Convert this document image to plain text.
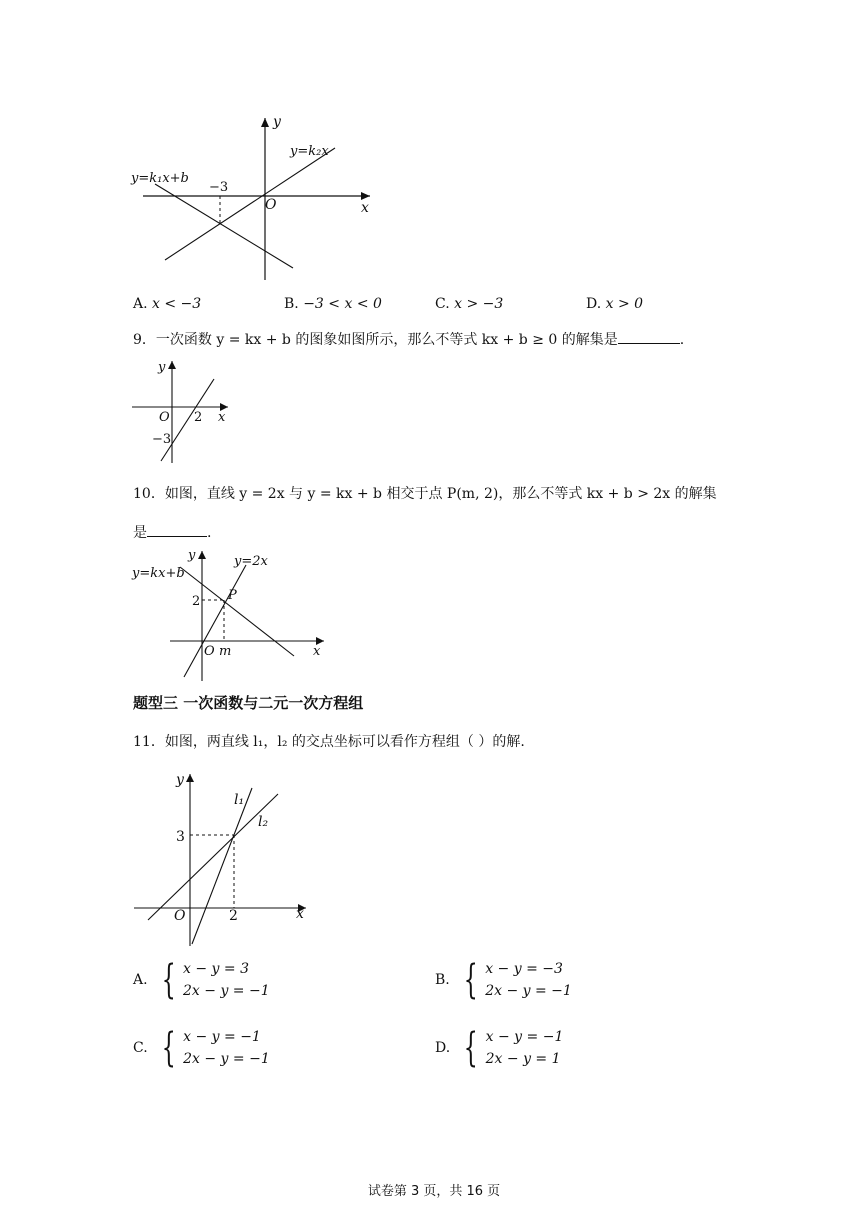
y
x
O
−3
y=k₁x+b
y=k₂x
A. x < −3	B. −3 < x < 0	C. x > −3	D. x > 0
9．一次函数 y = kx + b 的图象如图所示，那么不等式 kx + b ≥ 0 的解集是	.
y
x
O 2
−3
10．如图，直线 y = 2x 与 y = kx + b 相交于点 P(m, 2)，那么不等式 kx + b > 2x 的解集
是	.
y
x
O m
2 P
y=2x
y=kx+b
题型三 一次函数与二元一次方程组
11．如图，两直线 l₁，l₂ 的交点坐标可以看作方程组（ ）的解.
y
x
O
3
2
l₁
l₂
A. { x − y = 3
2x − y = −1
B. { x − y = −3
2x − y = −1
C. { x − y = −1
2x − y = −1
D. { x − y = −1
2x − y = 1
试卷第 3 页，共 16 页
